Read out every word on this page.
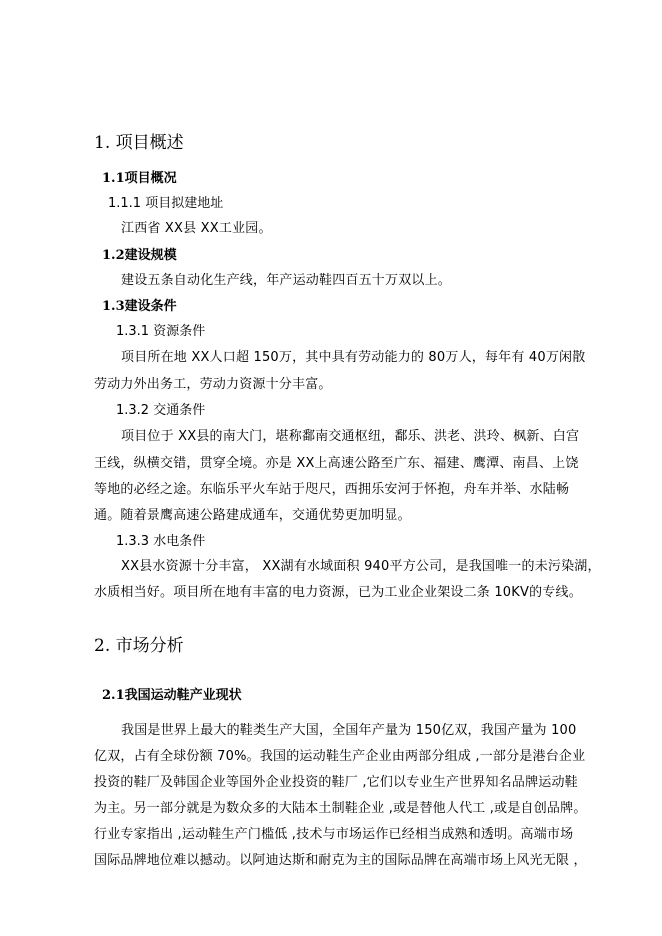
1. 项目概述
1.1项目概况
1.1.1 项目拟建地址
江西省 XX县 XX工业园。
1.2建设规模
建设五条自动化生产线，年产运动鞋四百五十万双以上。
1.3建设条件
1.3.1 资源条件
项目所在地 XX人口超 150万，其中具有劳动能力的 80万人，每年有 40万闲散
劳动力外出务工，劳动力资源十分丰富。
1.3.2 交通条件
项目位于 XX县的南大门，堪称鄱南交通枢纽，鄱乐、洪老、洪玲、枫新、白宫
王线，纵横交错，贯穿全境。亦是 XX上高速公路至广东、福建、鹰潭、南昌、上饶
等地的必经之途。东临乐平火车站于咫尺，西拥乐安河于怀抱，舟车并举、水陆畅
通。随着景鹰高速公路建成通车，交通优势更加明显。
1.3.3 水电条件
XX县水资源十分丰富， XX湖有水域面积 940平方公司，是我国唯一的未污染湖，
水质相当好。项目所在地有丰富的电力资源，已为工业企业架设二条 10KV的专线。
2. 市场分析
2.1我国运动鞋产业现状
我国是世界上最大的鞋类生产大国，全国年产量为 150亿双，我国产量为 100
亿双，占有全球份额 70%。我国的运动鞋生产企业由两部分组成 ,一部分是港台企业
投资的鞋厂及韩国企业等国外企业投资的鞋厂 ,它们以专业生产世界知名品牌运动鞋
为主。另一部分就是为数众多的大陆本土制鞋企业 ,或是替他人代工 ,或是自创品牌。
行业专家指出 ,运动鞋生产门槛低 ,技术与市场运作已经相当成熟和透明。高端市场
国际品牌地位难以撼动。以阿迪达斯和耐克为主的国际品牌在高端市场上风光无限 ，
